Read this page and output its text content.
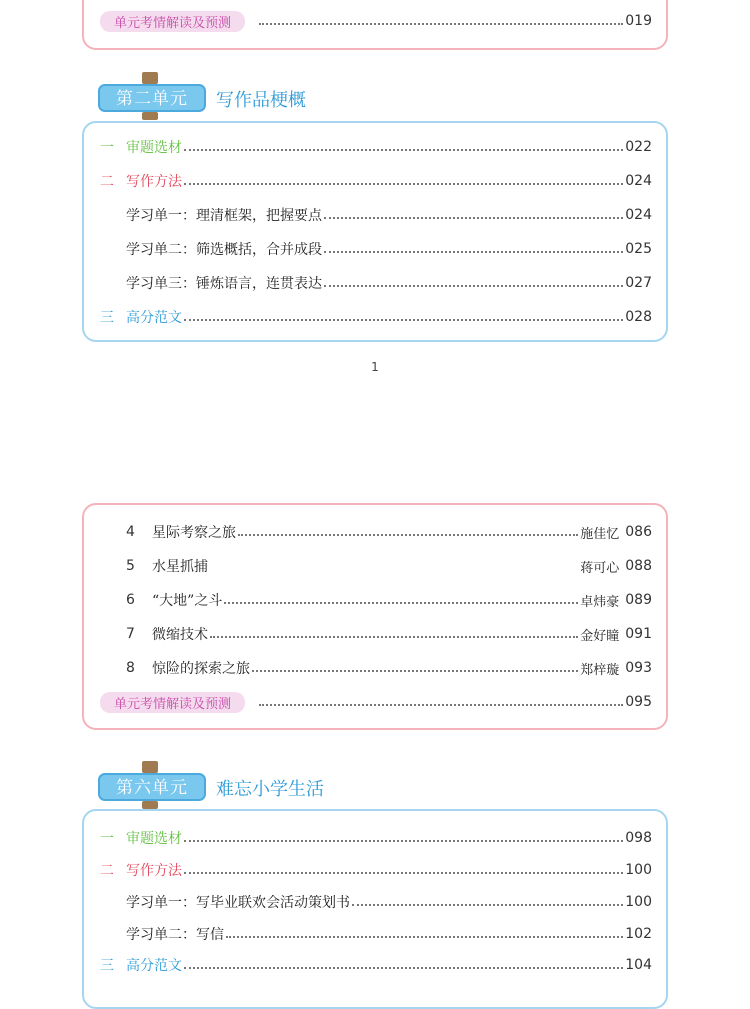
单元考情解读及预测	019
第二单元	写作品梗概
一 审题选材	022
二 写作方法	024
学习单一：理清框架，把握要点	024
学习单二：筛选概括，合并成段	025
学习单三：锤炼语言，连贯表达	027
三 高分范文	028
1
4	星际考察之旅	施佳忆 086
5	水星抓捕	蒋可心 088
6	“大地”之斗	卓炜豪 089
7	微缩技术	金好瞳 091
8	惊险的探索之旅	郑梓璇 093
单元考情解读及预测	095
第六单元	难忘小学生活
一 审题选材	098
二 写作方法	100
学习单一：写毕业联欢会活动策划书	100
学习单二：写信	102
三 高分范文	104
